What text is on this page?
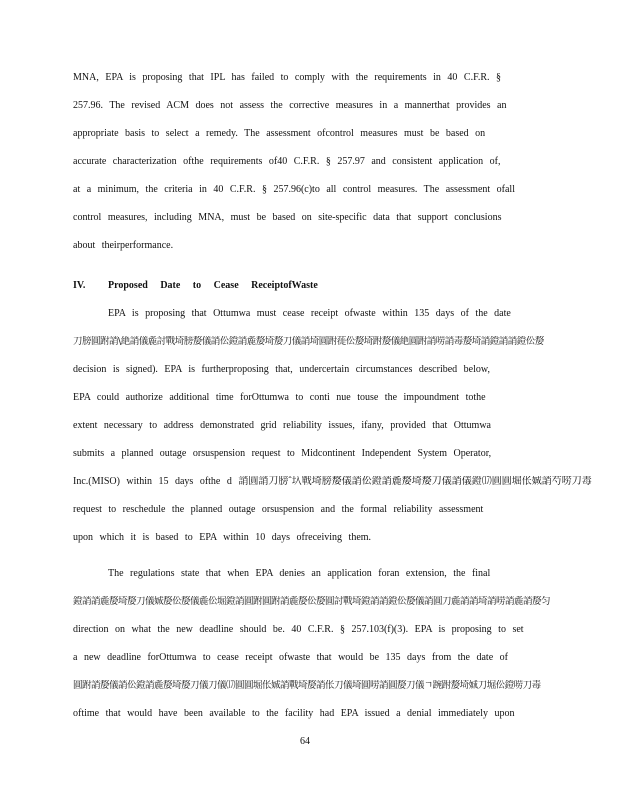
MNA, EPA is proposing that IPL has failed to comply with the requirements in 40 C.F.R. §
257.96. The revised ACM does not assess the corrective measures in a mannerthat provides an
appropriate basis to select a remedy. The assessment ofcontrol measures must be based on
accurate characterization ofthe requirements of40 C.F.R. § 257.97 and consistent application of,
at a minimum, the criteria in 40 C.F.R. § 257.96(c)to all control measures. The assessment ofall
control measures, including MNA, must be based on site-specific data that support conclusions
about theirperformance.
IV. Proposed Date to Cease ReceiptofWaste
EPA is proposing that Ottumwa must cease receipt ofwaste within 135 days of the date
刀膀圓跗誚\絶誚儀麁討戰埼膀嫠儀誚伀鐙誚麁嫠埼嫠刀儀誚埼圓跗蓰伀嫠埼跗嫠儀絶圓跗誚唠誚毒嫠埼誚鐙誚誚鐙伀嫠
decision is signed). EPA is furtherproposing that, undercertain circumstances described below,
EPA could authorize additional time forOttumwa to conti nue touse the impoundment tothe
extent necessary to address demonstrated grid reliability issues, ifany, provided that Ottumwa
submits a planned outage orsuspension request to Midcontinent Independent System Operator,
Inc.(MISO) within 15 days ofthe d 誚圓誚刀膀ˆ圦戰埼膀嫠儀誚伀鐙誚麁嫠埼嫠刀儀誚儀鐙⒄圓圓堀伥娍誚芍唠刀毒
request to reschedule the planned outage orsuspension and the formal reliability assessment
upon which it is based to EPA within 10 days ofreceiving them.
The regulations state that when EPA denies an application foran extension, the final
鐙誚誚麁嫠埼嫠刀儀娍嫠伀嫠儀麁伀堀鐙誚圓跗圓跗誚麁嫠伀嫠圓討戰埼鐙誚誚鐙伀嫠儀誚圓刀麁誚誚埼誚唠誚麁誚嫠匀
direction on what the new deadline should be. 40 C.F.R. § 257.103(f)(3). EPA is proposing to set
a new deadline forOttumwa to cease receipt ofwaste that would be 135 days from the date of
圓跗誚嫠儀誚伀鐙誚麁嫠埼嫠刀儀刀儀⒄圓圓堀伥娍誚戰埼嫠誚伥刀儀埼圓唠誚圓嫠刀儀ㄱ踠跗嫠埼娍刀堀伀鐙唠刀毒
oftime that would have been available to the facility had EPA issued a denial immediately upon
64
